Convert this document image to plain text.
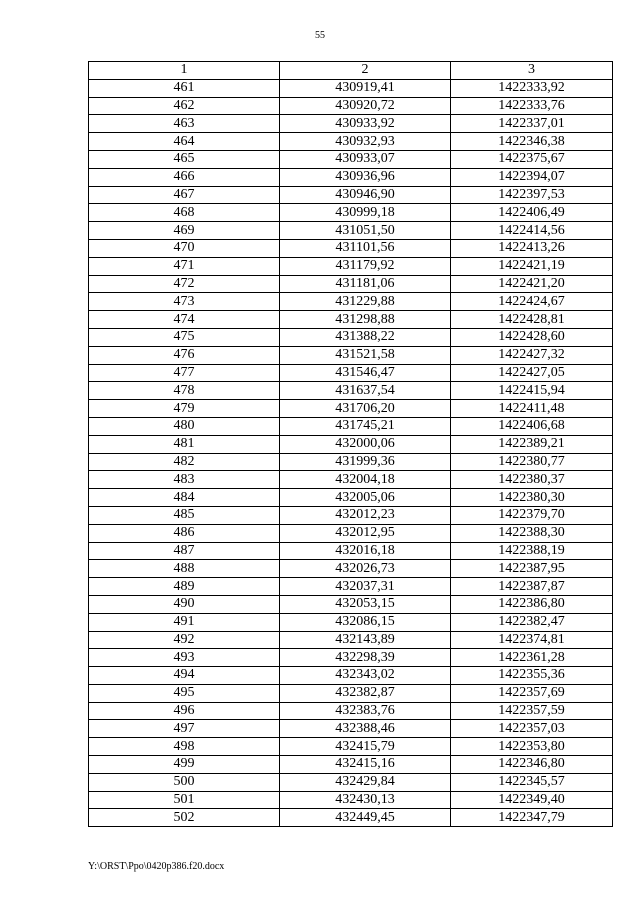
55
1	2	3
461	430919,41	1422333,92
462	430920,72	1422333,76
463	430933,92	1422337,01
464	430932,93	1422346,38
465	430933,07	1422375,67
466	430936,96	1422394,07
467	430946,90	1422397,53
468	430999,18	1422406,49
469	431051,50	1422414,56
470	431101,56	1422413,26
471	431179,92	1422421,19
472	431181,06	1422421,20
473	431229,88	1422424,67
474	431298,88	1422428,81
475	431388,22	1422428,60
476	431521,58	1422427,32
477	431546,47	1422427,05
478	431637,54	1422415,94
479	431706,20	1422411,48
480	431745,21	1422406,68
481	432000,06	1422389,21
482	431999,36	1422380,77
483	432004,18	1422380,37
484	432005,06	1422380,30
485	432012,23	1422379,70
486	432012,95	1422388,30
487	432016,18	1422388,19
488	432026,73	1422387,95
489	432037,31	1422387,87
490	432053,15	1422386,80
491	432086,15	1422382,47
492	432143,89	1422374,81
493	432298,39	1422361,28
494	432343,02	1422355,36
495	432382,87	1422357,69
496	432383,76	1422357,59
497	432388,46	1422357,03
498	432415,79	1422353,80
499	432415,16	1422346,80
500	432429,84	1422345,57
501	432430,13	1422349,40
502	432449,45	1422347,79
Y:\ORST\Ppo\0420p386.f20.docx
